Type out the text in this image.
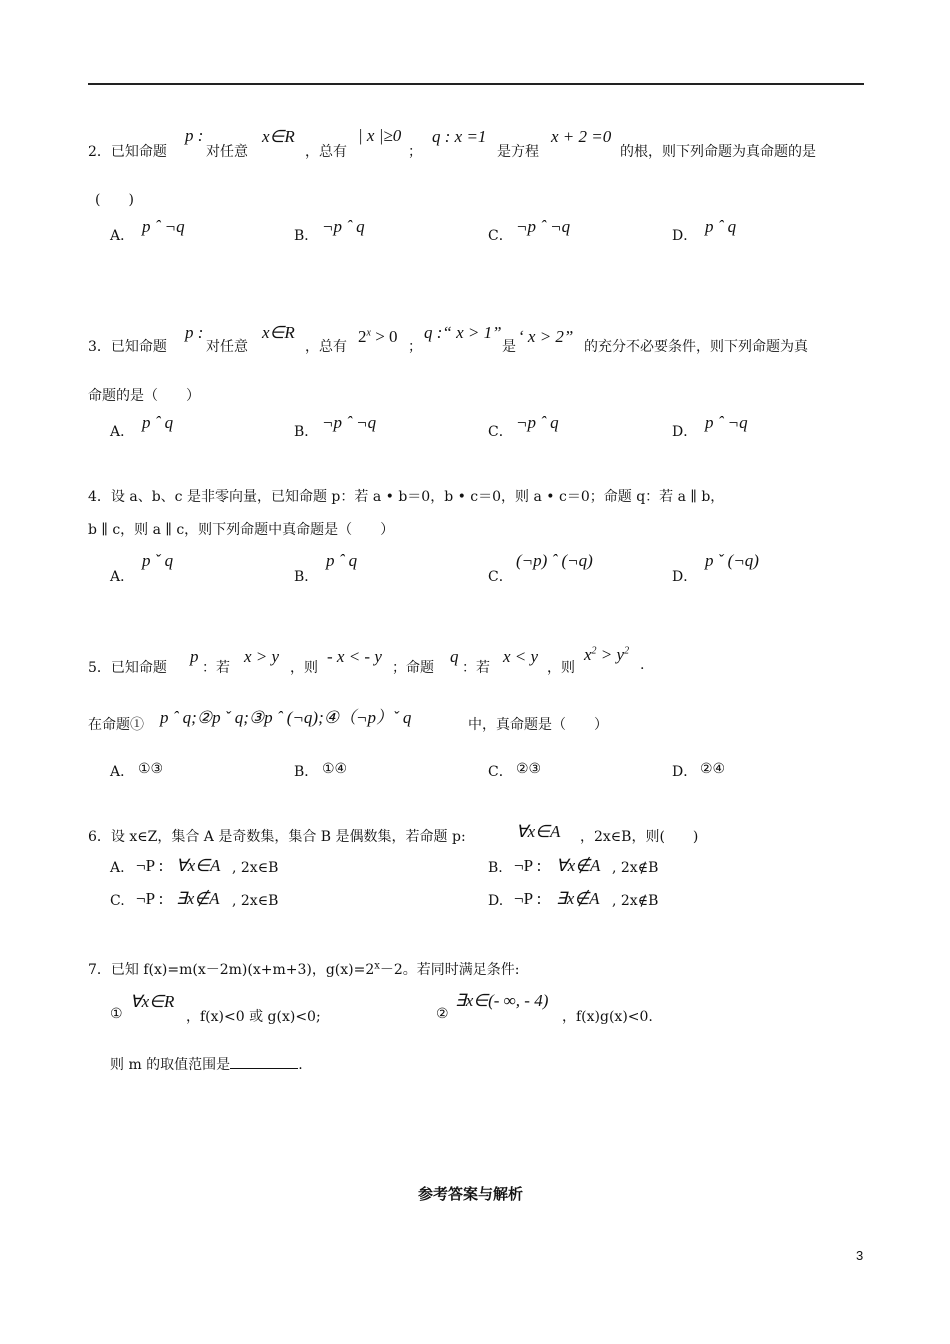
2．已知命题
p :
对任意
x∈R
，总有
| x |≥0
；
q : x =1
是方程
x + 2 =0
的根，则下列命题为真命题的是
(　　)
A． p ˆ ¬q	B． ¬p ˆ q	C． ¬p ˆ ¬q	D． p ˆ q
3．已知命题
p :
对任意
x∈R
，总有
$2^x > 0$
；
q :“ x > 1”
是
‘ x > 2”
的充分不必要条件，则下列命题为真
命题的是（　　）
A． p ˆ q	B． ¬p ˆ ¬q	C． ¬p ˆ q	D． p ˆ ¬q
4．设 a、b、c 是非零向量，已知命题 p：若 a • b＝0，b • c＝0，则 a • c＝0；命题 q：若 a ∥ b，
b ∥ c，则 a ∥ c，则下列命题中真命题是（　　）
A．
p ˇ q
B．
p ˆ q
C．
(¬p) ˆ (¬q)
D．
p ˇ (¬q)
5．已知命题
p
：若
x > y
，则
- x < - y
；命题
q
：若
x < y
，则
$x^2 > y^2$
.
在命题① p ˆ q;②p ˇ q;③p ˆ (¬q);④（¬p）ˇ q	中，真命题是（　　）
A． ①③	B． ①④	C． ②③	D． ②④
6．设 x∈Z，集合 A 是奇数集，集合 B 是偶数集，若命题 p:	∀x∈A ，2x∈B，则(　　)
A. ¬P : ∀x∈A , 2x∈B	B. ¬P : ∀x∉A , 2x∉B
C. ¬P : ∃x∉A , 2x∈B	D. ¬P : ∃x∉A , 2x∉B
7．已知 f(x)=m(x－2m)(x+m+3)，$g(x)=2^x-2$。若同时满足条件:
①
∀x∈R
，f(x)<0 或 g(x)<0;	②
∃x∈(- ∞, - 4)
，f(x)g(x)<0.
则 m 的取值范围是	.
参考答案与解析
3
